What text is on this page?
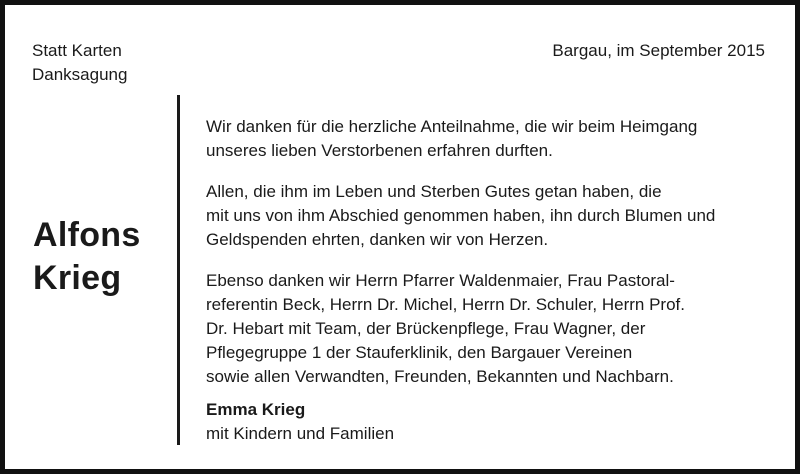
Statt Karten
Danksagung
Bargau, im September 2015
Alfons
Krieg

Wir danken für die herzliche Anteilnahme, die wir beim Heimgang
unseres lieben Verstorbenen erfahren durften.

Allen, die ihm im Leben und Sterben Gutes getan haben, die
mit uns von ihm Abschied genommen haben, ihn durch Blumen und
Geldspenden ehrten, danken wir von Herzen.

Ebenso danken wir Herrn Pfarrer Waldenmaier, Frau Pastoral-
referentin Beck, Herrn Dr. Michel, Herrn Dr. Schuler, Herrn Prof.
Dr. Hebart mit Team, der Brückenpflege, Frau Wagner, der
Pflegegruppe 1 der Stauferklinik, den Bargauer Vereinen
sowie allen Verwandten, Freunden, Bekannten und Nachbarn.

Emma Krieg
mit Kindern und Familien
